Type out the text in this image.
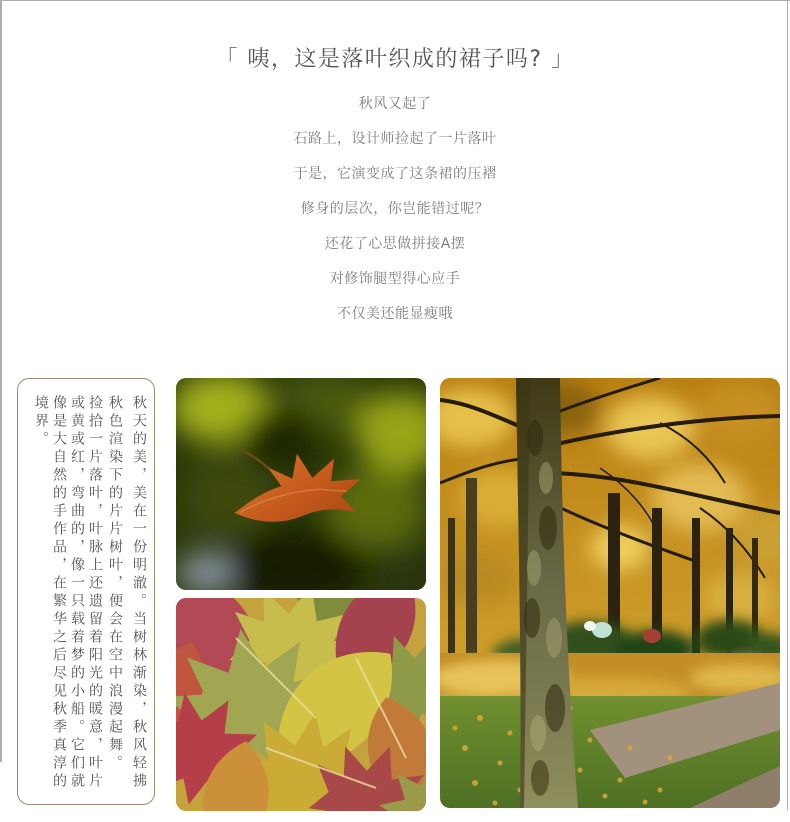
「 咦，这是落叶织成的裙子吗? 」
秋风又起了
石路上，设计师捡起了一片落叶
于是，它演变成了这条裙的压褶
修身的层次，你岂能错过呢？
还花了心思做拼接A摆
对修饰腿型得心应手
不仅美还能显瘦哦
秋天的美，美在一份明澈。当树林渐染，秋风轻拂
秋色渲染下的片片树叶，便会在空中浪漫起舞。
捡拾一片落叶，叶脉上还遗留着阳光的暖意，叶片
或黄或红，弯曲的，像一只载着梦的小船。它们就
像是大自然的手作品，在繁华之后尽见秋季真淳的
境界。
